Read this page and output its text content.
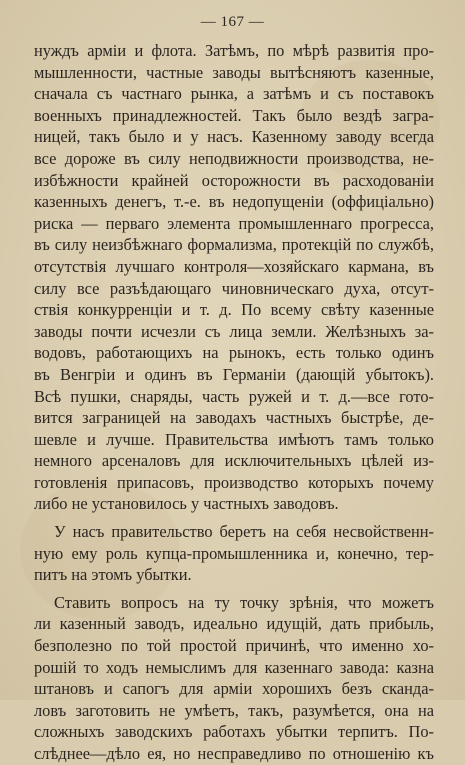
— 167 —
нуждъ арміи и флота. Затѣмъ, по мѣрѣ развитія про-
мышленности, частные заводы вытѣсняютъ казенные,
сначала съ частнаго рынка, а затѣмъ и съ поставокъ
военныхъ принадлежностей. Такъ было вездѣ загра-
ницей, такъ было и у насъ. Казенному заводу всегда
все дороже въ силу неподвижности производства, не-
избѣжности крайней осторожности въ расходованіи
казенныхъ денегъ, т.-е. въ недопущеніи (оффиціально)
риска — перваго элемента промышленнаго прогресса,
въ силу неизбѣжнаго формализма, протекцій по службѣ,
отсутствія лучшаго контроля—хозяйскаго кармана, въ
силу все разъѣдающаго чиновническаго духа, отсут-
ствія конкурренціи и т. д. По всему свѣту казенные
заводы почти исчезли съ лица земли. Желѣзныхъ за-
водовъ, работающихъ на рынокъ, есть только одинъ
въ Венгріи и одинъ въ Германіи (дающій убытокъ).
Всѣ пушки, снаряды, часть ружей и т. д.—все гото-
вится заграницей на заводахъ частныхъ быстрѣе, де-
шевле и лучше. Правительства имѣютъ тамъ только
немного арсеналовъ для исключительныхъ цѣлей из-
готовленія припасовъ, производство которыхъ почему
либо не установилось у частныхъ заводовъ.
У насъ правительство беретъ на себя несвойственн-
ную ему роль купца-промышленника и, конечно, тер-
питъ на этомъ убытки.
Ставить вопросъ на ту точку зрѣнія, что можетъ
ли казенный заводъ, идеально идущій, дать прибыль,
безполезно по той простой причинѣ, что именно хо-
рошій то ходъ немыслимъ для казеннаго завода: казна
штановъ и сапогъ для арміи хорошихъ безъ скандa-
ловъ заготовить не умѣетъ, такъ, разумѣется, она на
сложныхъ заводскихъ работахъ убытки терпитъ. По-
слѣднее—дѣло ея, но несправедливо по отношенію къ
